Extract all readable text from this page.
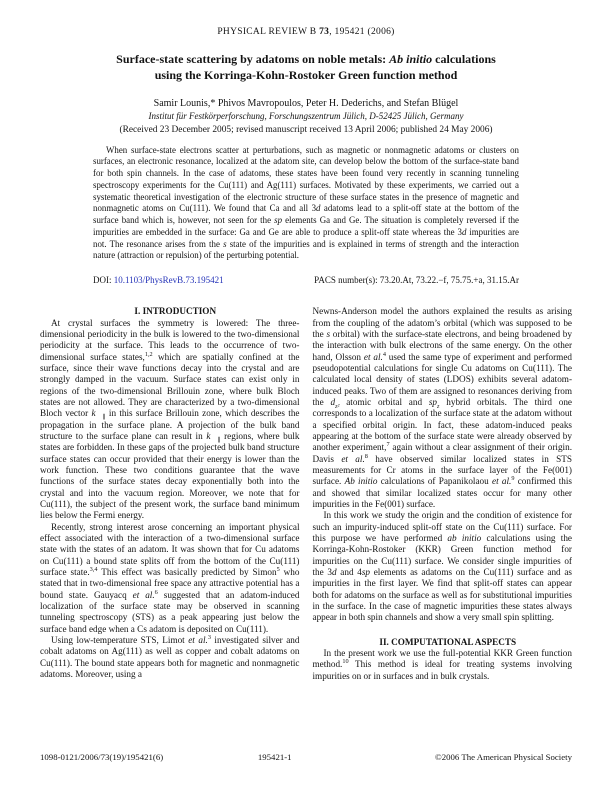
PHYSICAL REVIEW B 73, 195421 (2006)
Surface-state scattering by adatoms on noble metals: Ab initio calculations
using the Korringa-Kohn-Rostoker Green function method
Samir Lounis,* Phivos Mavropoulos, Peter H. Dederichs, and Stefan Blügel
Institut für Festkörperforschung, Forschungszentrum Jülich, D-52425 Jülich, Germany
(Received 23 December 2005; revised manuscript received 13 April 2006; published 24 May 2006)
When surface-state electrons scatter at perturbations, such as magnetic or nonmagnetic adatoms or clusters on surfaces, an electronic resonance, localized at the adatom site, can develop below the bottom of the surface-state band for both spin channels. In the case of adatoms, these states have been found very recently in scanning tunneling spectroscopy experiments for the Cu(111) and Ag(111) surfaces. Motivated by these experiments, we carried out a systematic theoretical investigation of the electronic structure of these surface states in the presence of magnetic and nonmagnetic atoms on Cu(111). We found that Ca and all 3d adatoms lead to a split-off state at the bottom of the surface band which is, however, not seen for the sp elements Ga and Ge. The situation is completely reversed if the impurities are embedded in the surface: Ga and Ge are able to produce a split-off state whereas the 3d impurities are not. The resonance arises from the s state of the impurities and is explained in terms of strength and the interaction nature (attraction or repulsion) of the perturbing potential.
DOI: 10.1103/PhysRevB.73.195421	PACS number(s): 73.20.At, 73.22.−f, 75.75.+a, 31.15.Ar

I. INTRODUCTION

At crystal surfaces the symmetry is lowered: The three-dimensional periodicity in the bulk is lowered to the two-dimensional periodicity at the surface. This leads to the occurrence of two-dimensional surface states,$^{1,2}$ which are spatially confined at the surface, since their wave functions decay into the crystal and are strongly damped in the vacuum. Surface states can exist only in regions of the two-dimensional Brillouin zone, where bulk Bloch states are not allowed. They are characterized by a two-dimensional Bloch vector $k⃗_\parallel$ in this surface Brillouin zone, which describes the propagation in the surface plane. A projection of the bulk band structure to the surface plane can result in $k⃗_\parallel$ regions, where bulk states are forbidden. In these gaps of the projected bulk band structure surface states can occur provided that their energy is lower than the work function. These two conditions guarantee that the wave functions of the surface states decay exponentially both into the crystal and into the vacuum region. Moreover, we note that for Cu(111), the subject of the present work, the surface band minimum lies below the Fermi energy.

Recently, strong interest arose concerning an important physical effect associated with the interaction of a two-dimensional surface state with the states of an adatom. It was shown that for Cu adatoms on Cu(111) a bound state splits off from the bottom of the Cu(111) surface state.$^{3,4}$ This effect was basically predicted by Simon$^5$ who stated that in two-dimensional free space any attractive potential has a bound state. Gauyacq et al.$^6$ suggested that an adatom-induced localization of the surface state may be observed in scanning tunneling spectroscopy (STS) as a peak appearing just below the surface band edge when a Cs adatom is deposited on Cu(111).

Using low-temperature STS, Limot et al.$^3$ investigated silver and cobalt adatoms on Ag(111) as well as copper and cobalt adatoms on Cu(111). The bound state appears both for magnetic and nonmagnetic adatoms. Moreover, using a

Newns-Anderson model the authors explained the results as arising from the coupling of the adatom’s orbital (which was supposed to be the s orbital) with the surface-state electrons, and being broadened by the interaction with bulk electrons of the same energy. On the other hand, Olsson et al.$^4$ used the same type of experiment and performed pseudopotential calculations for single Cu adatoms on Cu(111). The calculated local density of states (LDOS) exhibits several adatom-induced peaks. Two of them are assigned to resonances deriving from the $d_{z^2}$ atomic orbital and $sp_z$ hybrid orbitals. The third one corresponds to a localization of the surface state at the adatom without a specified orbital origin. In fact, these adatom-induced peaks appearing at the bottom of the surface state were already observed by another experiment,$^7$ again without a clear assignment of their origin. Davis et al.$^8$ have observed similar localized states in STS measurements for Cr atoms in the surface layer of the Fe(001) surface. Ab initio calculations of Papanikolaou et al.$^9$ confirmed this and showed that similar localized states occur for many other impurities in the Fe(001) surface.

In this work we study the origin and the condition of existence for such an impurity-induced split-off state on the Cu(111) surface. For this purpose we have performed ab initio calculations using the Korringa-Kohn-Rostoker (KKR) Green function method for impurities on the Cu(111) surface. We consider single impurities of the 3d and 4sp elements as adatoms on the Cu(111) surface and as impurities in the first layer. We find that split-off states can appear both for adatoms on the surface as well as for substitutional impurities in the surface. In the case of magnetic impurities these states always appear in both spin channels and show a very small spin splitting.

II. COMPUTATIONAL ASPECTS

In the present work we use the full-potential KKR Green function method.$^{10}$ This method is ideal for treating systems involving impurities on or in surfaces and in bulk crystals.

1098-0121/2006/73(19)/195421(6)	195421-1	©2006 The American Physical Society
